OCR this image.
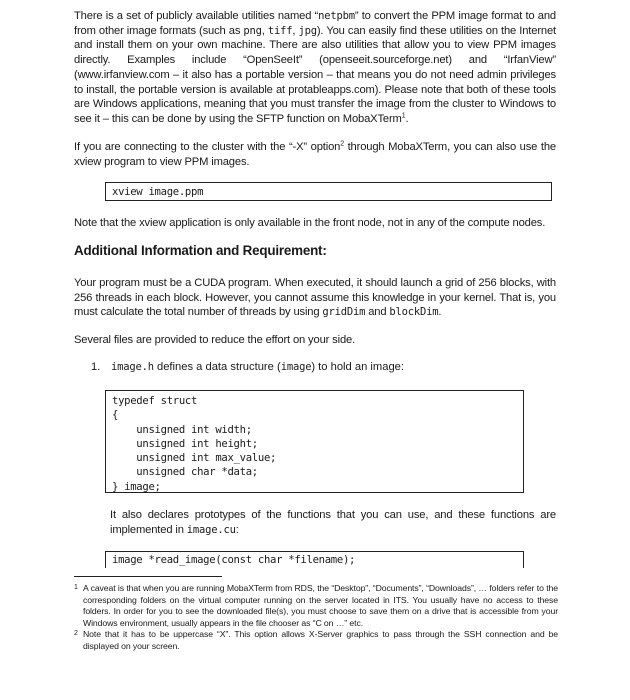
There is a set of publicly available utilities named “netpbm” to convert the PPM image format to and from other image formats (such as png, tiff, jpg). You can easily find these utilities on the Internet and install them on your own machine. There are also utilities that allow you to view PPM images directly. Examples include “OpenSeeIt” (openseeit.sourceforge.net) and “IrfanView” (www.irfanview.com – it also has a portable version – that means you do not need admin privileges to install, the portable version is available at protableapps.com). Please note that both of these tools are Windows applications, meaning that you must transfer the image from the cluster to Windows to see it – this can be done by using the SFTP function on MobaXTerm$^1$.

If you are connecting to the cluster with the “-X” option$^2$ through MobaXTerm, you can also use the xview program to view PPM images.

xview image.ppm

Note that the xview application is only available in the front node, not in any of the compute nodes.

Additional Information and Requirement:

Your program must be a CUDA program. When executed, it should launch a grid of 256 blocks, with 256 threads in each block. However, you cannot assume this knowledge in your kernel. That is, you must calculate the total number of threads by using gridDim and blockDim.

Several files are provided to reduce the effort on your side.

1. image.h defines a data structure (image) to hold an image:
typedef struct
{
unsigned int width;
unsigned int height;
unsigned int max_value;
unsigned char *data;
} image;

It also declares prototypes of the functions that you can use, and these functions are implemented in image.cu:

image *read_image(const char *filename);
1 A caveat is that when you are running MobaXTerm from RDS, the “Desktop”, “Documents”, “Downloads”, … folders refer to the corresponding folders on the virtual computer running on the server located in ITS. You usually have no access to these folders. In order for you to see the downloaded file(s), you must choose to save them on a drive that is accessible from your Windows environment, usually appears in the file chooser as “C on …” etc.
2 Note that it has to be uppercase “X”. This option allows X-Server graphics to pass through the SSH connection and be displayed on your screen.
